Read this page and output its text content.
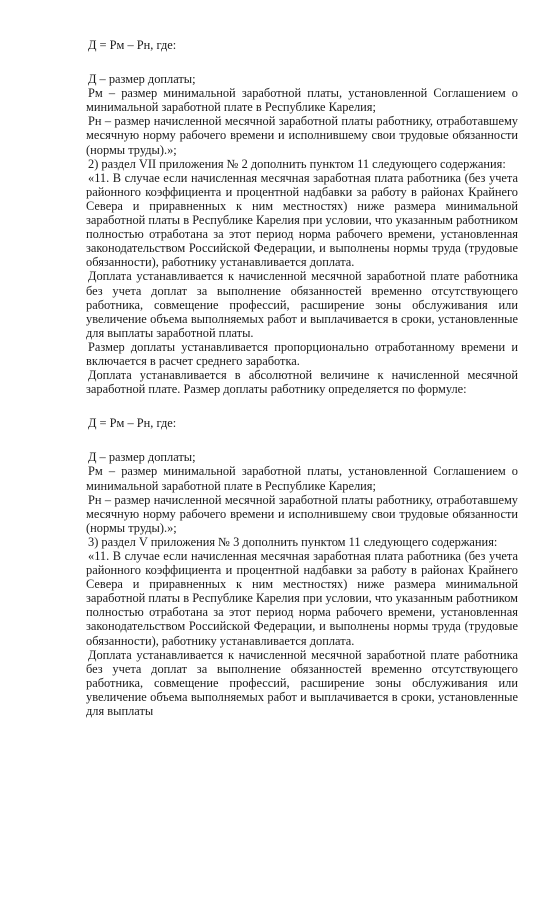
Д = Рм – Рн, где:

Д – размер доплаты;

Рм – размер минимальной заработной платы, установленной Соглашением о минимальной заработной плате в Республике Карелия;

Рн – размер начисленной месячной заработной платы работнику, отработавшему месячную норму рабочего времени и исполнившему свои трудовые обязанности (нормы труды).»;

2) раздел VII приложения № 2 дополнить пунктом 11 следующего содержания:

«11. В случае если начисленная месячная заработная плата работника (без учета районного коэффициента и процентной надбавки за работу в районах Крайнего Севера и приравненных к ним местностях) ниже размера минимальной заработной платы в Республике Карелия при условии, что указанным работником полностью отработана за этот период норма рабочего времени, установленная законодательством Российской Федерации, и выполнены нормы труда (трудовые обязанности), работнику устанавливается доплата.

Доплата устанавливается к начисленной месячной заработной плате работника без учета доплат за выполнение обязанностей временно отсутствующего работника, совмещение профессий, расширение зоны обслуживания или увеличение объема выполняемых работ и выплачивается в сроки, установленные для выплаты заработной платы.

Размер доплаты устанавливается пропорционально отработанному времени и включается в расчет среднего заработка.

Доплата устанавливается в абсолютной величине к начисленной месячной заработной плате. Размер доплаты работнику определяется по формуле:

Д = Рм – Рн, где:

Д – размер доплаты;

Рм – размер минимальной заработной платы, установленной Соглашением о минимальной заработной плате в Республике Карелия;

Рн – размер начисленной месячной заработной платы работнику, отработавшему месячную норму рабочего времени и исполнившему свои трудовые обязанности (нормы труды).»;

3) раздел V приложения № 3 дополнить пунктом 11 следующего содержания:

«11. В случае если начисленная месячная заработная плата работника (без учета районного коэффициента и процентной надбавки за работу в районах Крайнего Севера и приравненных к ним местностях) ниже размера минимальной заработной платы в Республике Карелия при условии, что указанным работником полностью отработана за этот период норма рабочего времени, установленная законодательством Российской Федерации, и выполнены нормы труда (трудовые обязанности), работнику устанавливается доплата.

Доплата устанавливается к начисленной месячной заработной плате работника без учета доплат за выполнение обязанностей временно отсутствующего работника, совмещение профессий, расширение зоны обслуживания или увеличение объема выполняемых работ и выплачивается в сроки, установленные для выплаты
